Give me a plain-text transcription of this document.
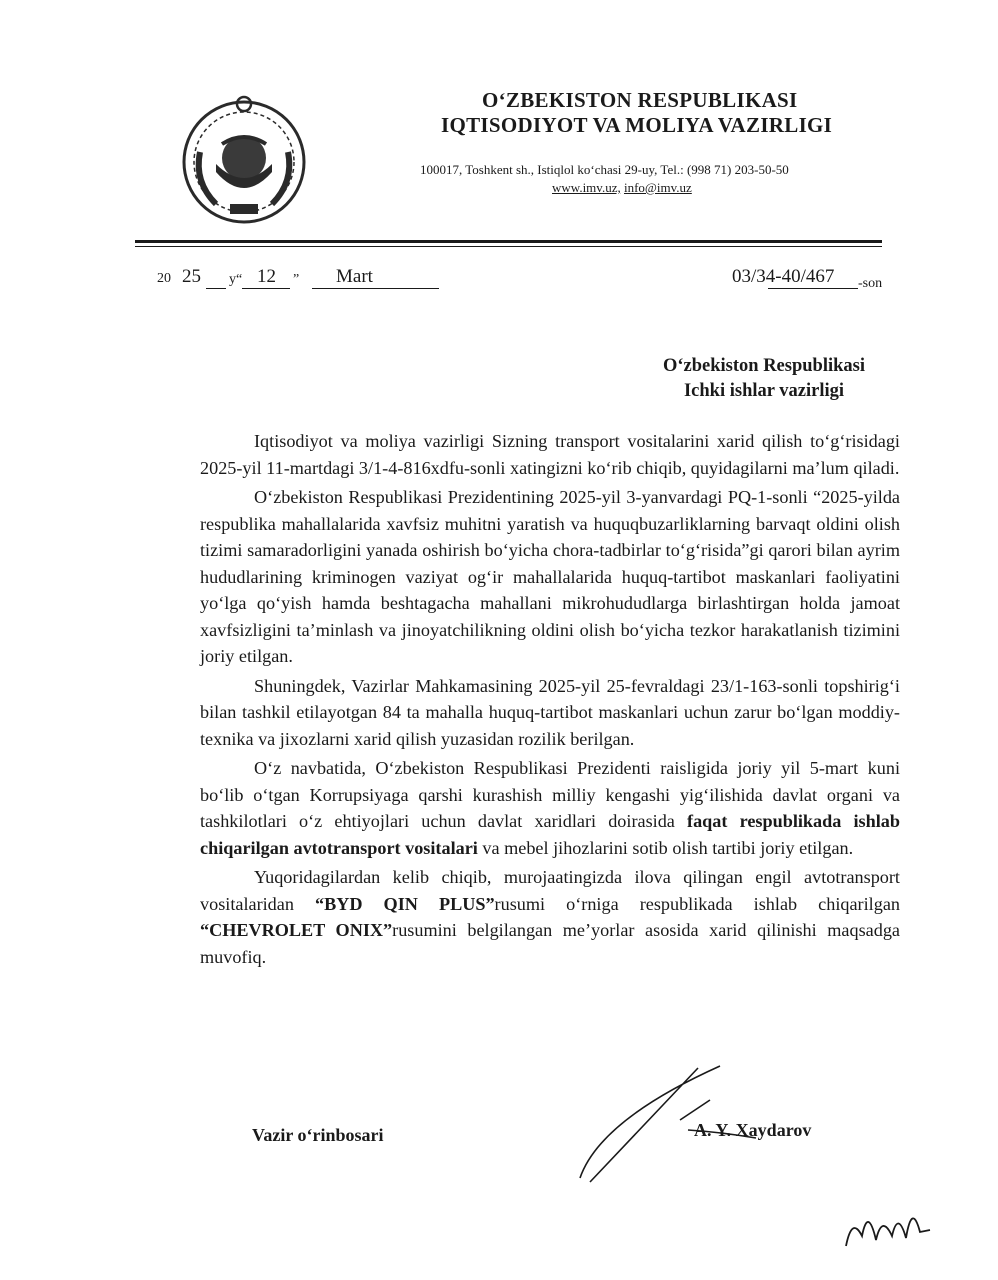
O‘ZBEKISTON RESPUBLIKASI
IQTISODIYOT VA MOLIYA VAZIRLIGI
100017, Toshkent sh., Istiqlol ko‘chasi 29-uy, Tel.: (998 71) 203-50-50
www.imv.uz, info@imv.uz
20 25 y“ 12 ” Mart	03/34-40/467 -son
O‘zbekiston Respublikasi
Ichki ishlar vazirligi

Iqtisodiyot va moliya vazirligi Sizning transport vositalarini xarid qilish to‘g‘risidagi 2025-yil 11-martdagi 3/1-4-816xdfu-sonli xatingizni ko‘rib chiqib, quyidagilarni ma’lum qiladi.

O‘zbekiston Respublikasi Prezidentining 2025-yil 3-yanvardagi PQ-1-sonli “2025-yilda respublika mahallalarida xavfsiz muhitni yaratish va huquqbuzarliklarning barvaqt oldini olish tizimi samaradorligini yanada oshirish bo‘yicha chora-tadbirlar to‘g‘risida”gi qarori bilan ayrim hududlarining kriminogen vaziyat og‘ir mahallalarida huquq-tartibot maskanlari faoliyatini yo‘lga qo‘yish hamda beshtagacha mahallani mikrohududlarga birlashtirgan holda jamoat xavfsizligini ta’minlash va jinoyatchilikning oldini olish bo‘yicha tezkor harakatlanish tizimini joriy etilgan.

Shuningdek, Vazirlar Mahkamasining 2025-yil 25-fevraldagi 23/1-163-sonli topshirig‘i bilan tashkil etilayotgan 84 ta mahalla huquq-tartibot maskanlari uchun zarur bo‘lgan moddiy-texnika va jixozlarni xarid qilish yuzasidan rozilik berilgan.

O‘z navbatida, O‘zbekiston Respublikasi Prezidenti raisligida joriy yil 5-mart kuni bo‘lib o‘tgan Korrupsiyaga qarshi kurashish milliy kengashi yig‘ilishida davlat organi va tashkilotlari o‘z ehtiyojlari uchun davlat xaridlari doirasida faqat respublikada ishlab chiqarilgan avtotransport vositalari va mebel jihozlarini sotib olish tartibi joriy etilgan.

Yuqoridagilardan kelib chiqib, murojaatingizda ilova qilingan engil avtotransport vositalaridan “BYD QIN PLUS”rusumi o‘rniga respublikada ishlab chiqarilgan “CHEVROLET ONIX”rusumini belgilangan me’yorlar asosida xarid qilinishi maqsadga muvofiq.

Vazir o‘rinbosari	A. Y. Xaydarov
